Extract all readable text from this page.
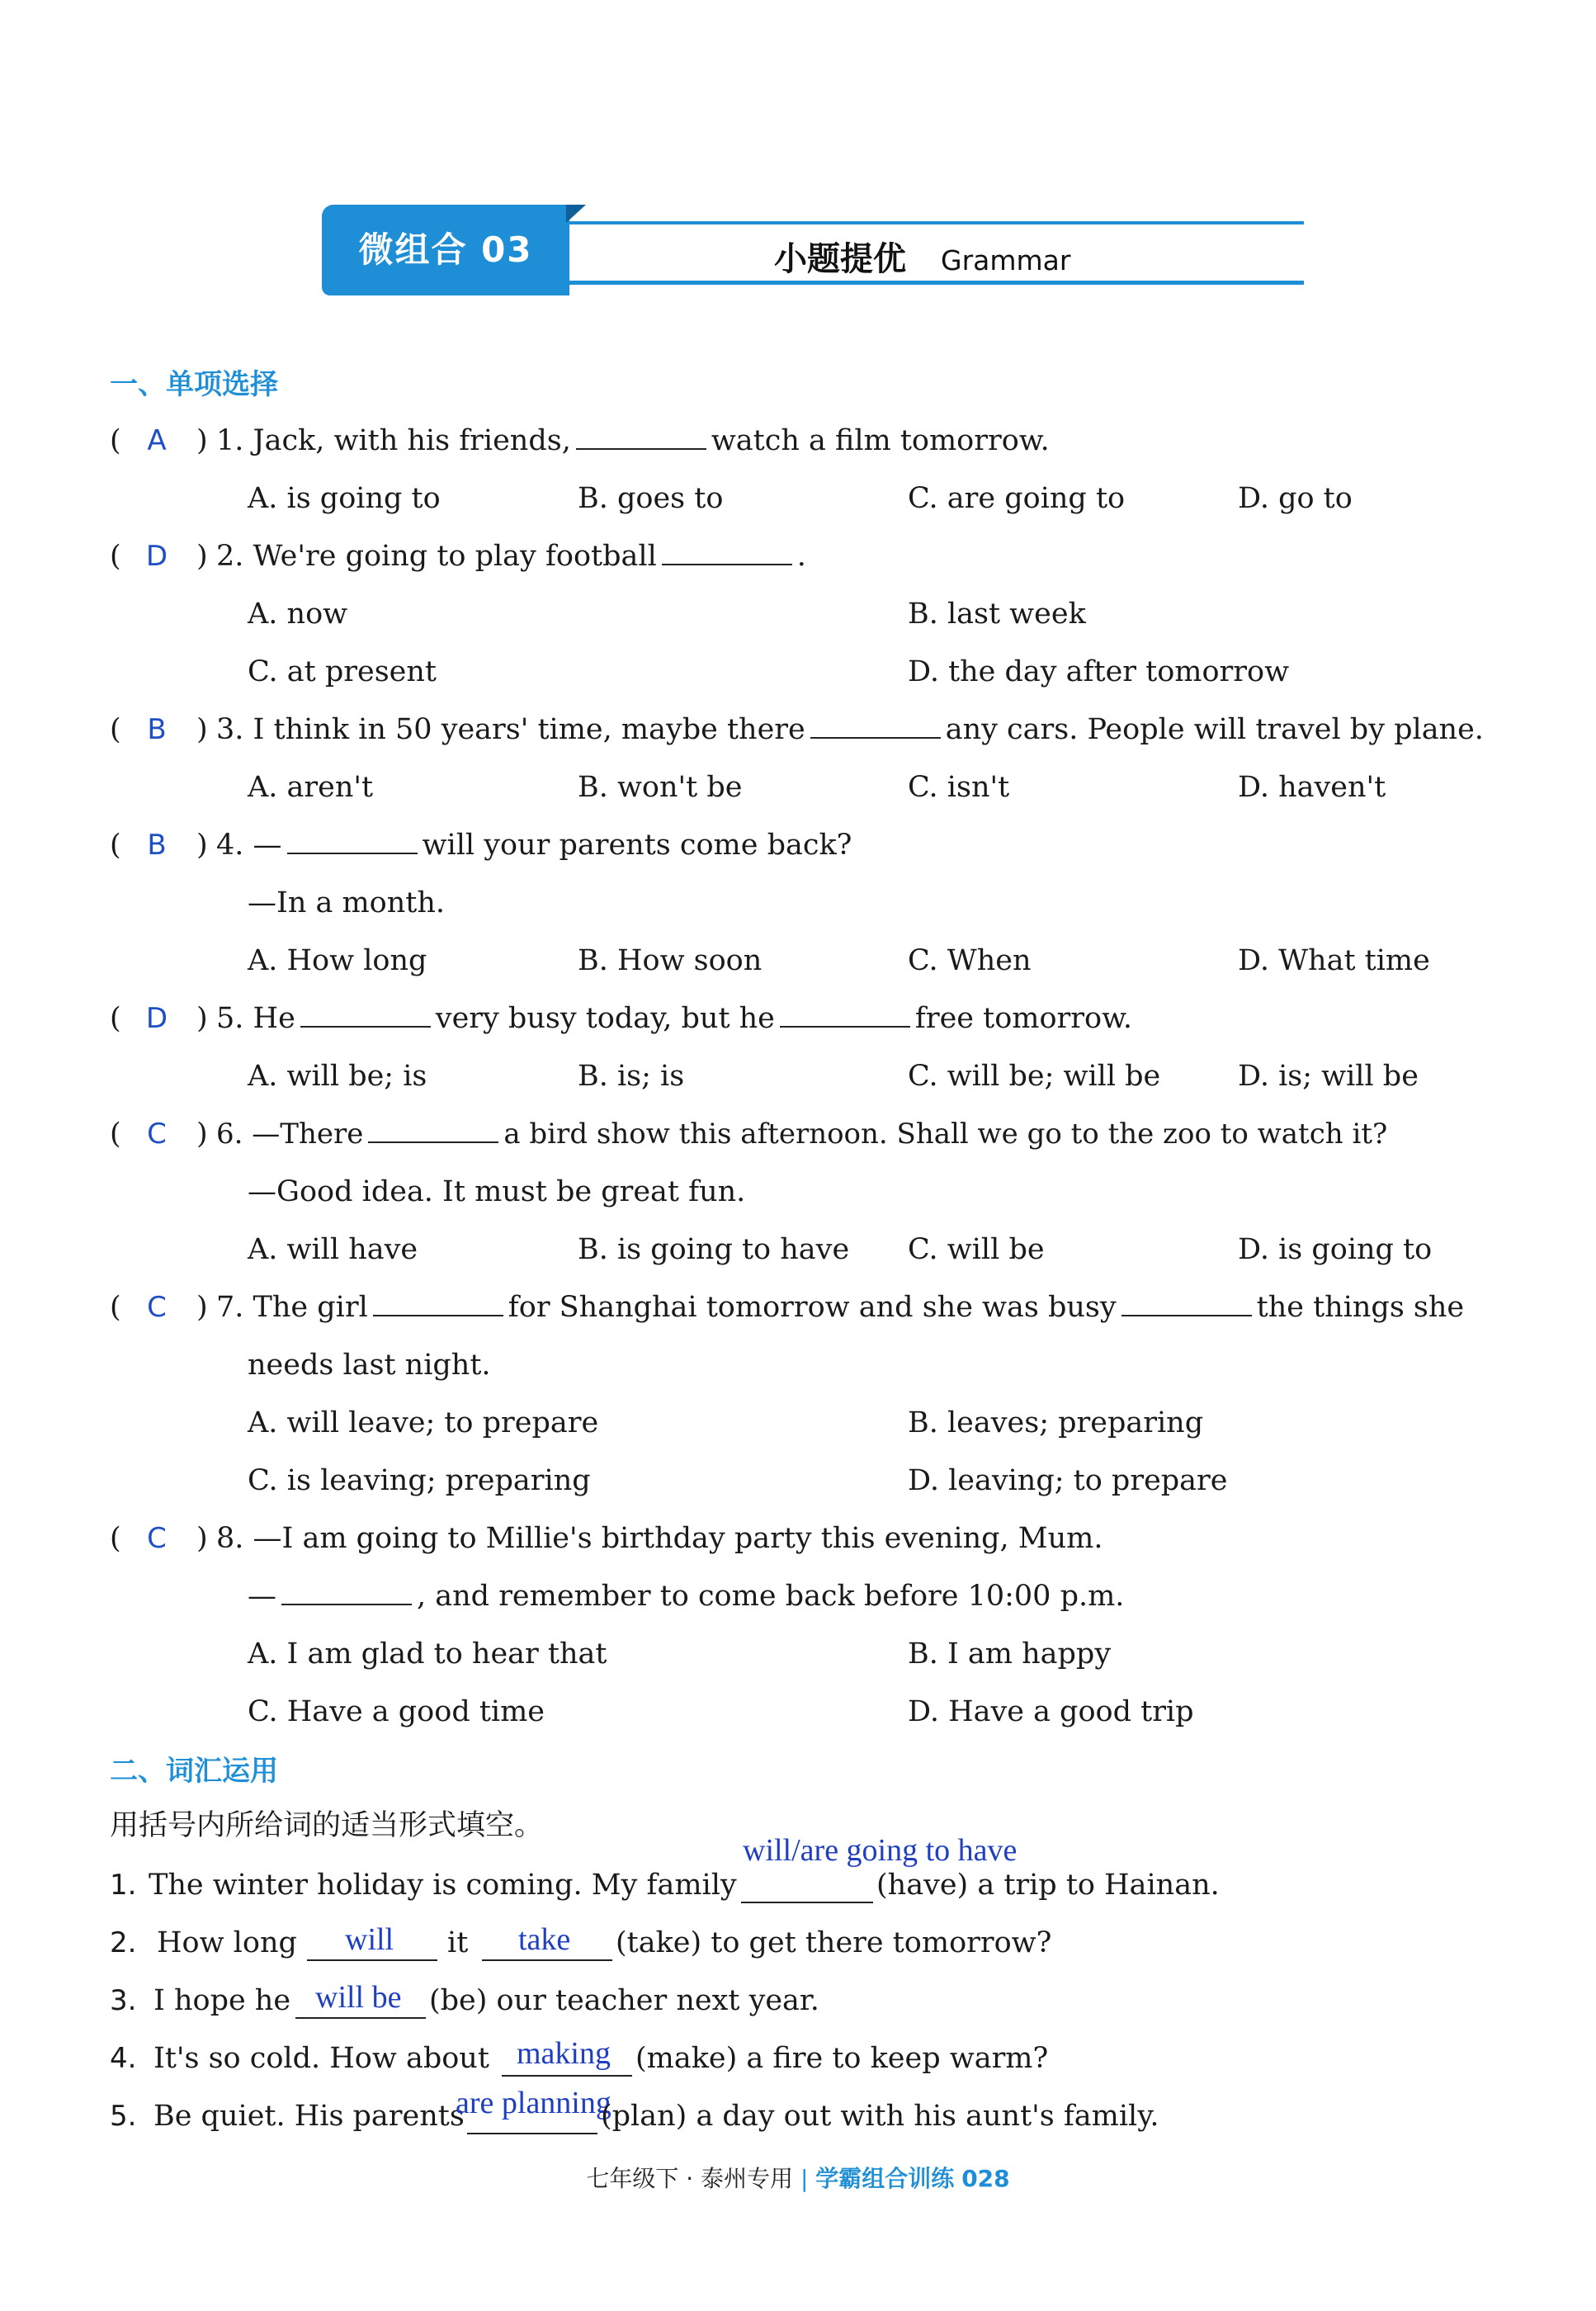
微组合 03	小题提优 Grammar
一、单项选择
( A	) 1. Jack, with his friends,	watch a film tomorrow.
A. is going to	B. goes to	C. are going to	D. go to
( D ) 2. We're going to play football	.
A. now	B. last week
C. at present	D. the day after tomorrow
( B	) 3. I think in 50 years' time, maybe there	any cars. People will travel by plane.
A. aren't	B. won't be	C. isn't	D. haven't
( B	) 4. —	will your parents come back?
—In a month.
A. How long	B. How soon	C. When	D. What time
( D ) 5. He	very busy today, but he	free tomorrow.
A. will be; is	B. is; is	C. will be; will be	D. is; will be
( C	) 6. —There	a bird show this afternoon. Shall we go to the zoo to watch it?
—Good idea. It must be great fun.
A. will have	B. is going to have C. will be	D. is going to
( C	) 7. The girl	for Shanghai tomorrow and she was busy	the things she
needs last night.
A. will leave; to prepare	B. leaves; preparing
C. is leaving; preparing	D. leaving; to prepare
( C	) 8. —I am going to Millie's birthday party this evening, Mum.
—	, and remember to come back before 10:00 p.m.
A. I am glad to hear that	B. I am happy
C. Have a good time	D. Have a good trip
二、词汇运用
用括号内所给词的适当形式填空。
1. The winter holiday is coming. My family
will/are going to have
(have) a trip to Hainan.
2. How long will it take (take) to get there tomorrow?
3. I hope he will be (be) our teacher next year.
4. It's so cold. How about making (make) a fire to keep warm?
5. Be quiet. His parents
are planning
(plan) a day out with his aunt's family.
七年级下 · 泰州专用 | 学霸组合训练 028
